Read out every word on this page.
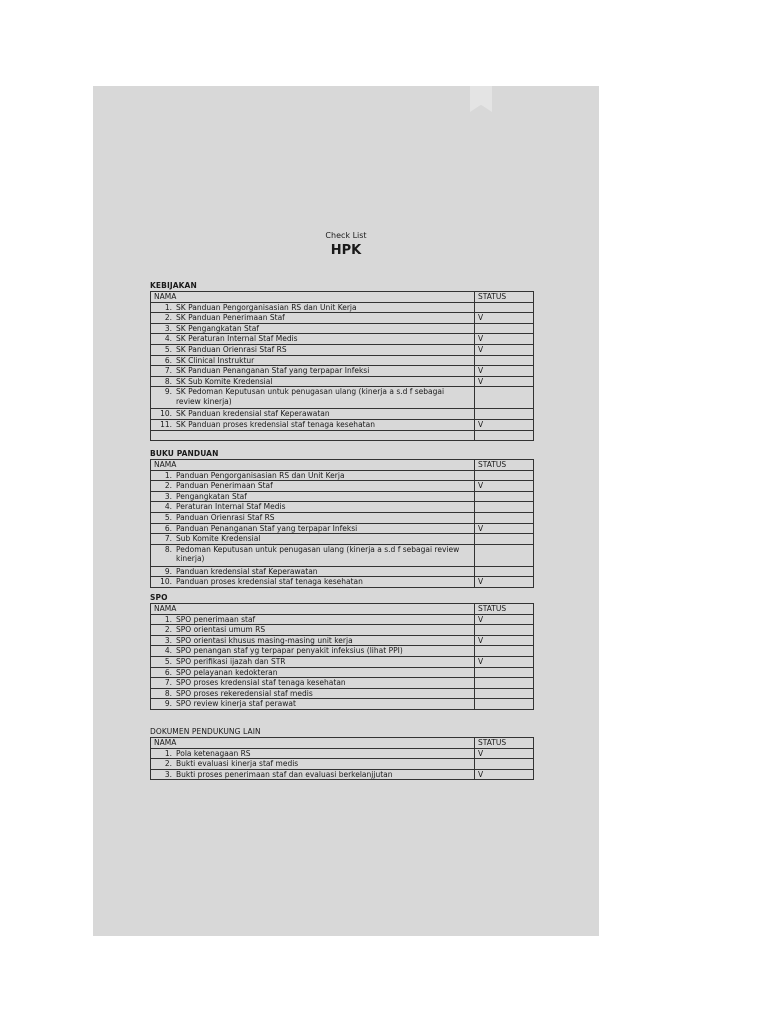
Check List
HPK
KEBIJAKAN
NAMA	STATUS
1. SK Panduan Pengorganisasian RS dan Unit Kerja	
2. SK Panduan Penerimaan Staf	V
3. SK Pengangkatan Staf	
4. SK Peraturan Internal Staf Medis	V
5. SK Panduan Orienrasi Staf RS	V
6. SK Clinical Instruktur	
7. SK Panduan Penanganan Staf yang terpapar Infeksi	V
8. SK Sub Komite Kredensial	V
9. SK Pedoman Keputusan untuk penugasan ulang (kinerja a s.d f sebagai review kinerja)	
10. SK Panduan kredensial staf Keperawatan	
11. SK Panduan proses kredensial staf tenaga kesehatan	V

BUKU PANDUAN
NAMA	STATUS
1. Panduan Pengorganisasian RS dan Unit Kerja	
2. Panduan Penerimaan Staf	V
3. Pengangkatan Staf	
4. Peraturan Internal Staf Medis	
5. Panduan Orienrasi Staf RS	
6. Panduan Penanganan Staf yang terpapar Infeksi	V
7. Sub Komite Kredensial	
8. Pedoman Keputusan untuk penugasan ulang (kinerja a s.d f sebagai review kinerja)	
9. Panduan kredensial staf Keperawatan	
10. Panduan proses kredensial staf tenaga kesehatan	V
SPO
NAMA	STATUS
1. SPO penerimaan staf	V
2. SPO orientasi umum RS	
3. SPO orientasi khusus masing-masing unit kerja	V
4. SPO penangan staf yg terpapar penyakit infeksius (lihat PPI)	
5. SPO perifikasi ijazah dan STR	V
6. SPO pelayanan kedokteran	
7. SPO proses kredensial staf tenaga kesehatan	
8. SPO proses rekeredensial staf medis	
9. SPO review kinerja staf perawat	
DOKUMEN PENDUKUNG LAIN
NAMA	STATUS
1. Pola ketenagaan RS	V
2. Bukti evaluasi kinerja staf medis	
3. Bukti proses penerimaan staf dan evaluasi berkelanjjutan	V
